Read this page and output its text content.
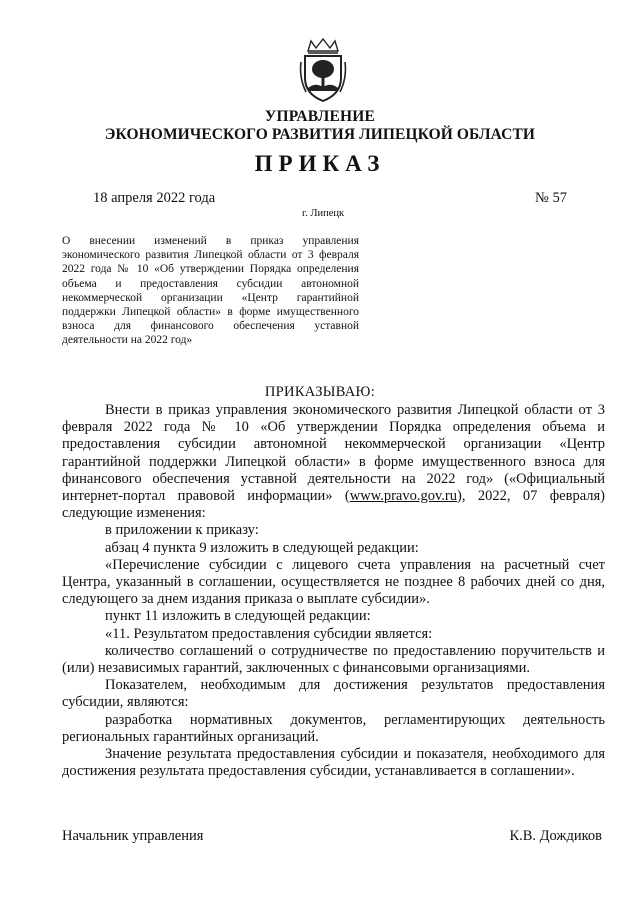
УПРАВЛЕНИЕ
ЭКОНОМИЧЕСКОГО РАЗВИТИЯ ЛИПЕЦКОЙ ОБЛАСТИ
ПРИКАЗ
18 апреля 2022 года	№ 57
г. Липецк
О внесении изменений в приказ управления экономического развития Липецкой области от 3 февраля 2022 года № 10 «Об утверждении Порядка определения объема и предоставления субсидии автономной некоммерческой организации «Центр гарантийной поддержки Липецкой области» в форме имущественного взноса для финансового обеспечения уставной деятельности на 2022 год»
ПРИКАЗЫВАЮ:

Внести в приказ управления экономического развития Липецкой области от 3 февраля 2022 года № 10 «Об утверждении Порядка определения объема и предоставления субсидии автономной некоммерческой организации «Центр гарантийной поддержки Липецкой области» в форме имущественного взноса для финансового обеспечения уставной деятельности на 2022 год» («Официальный интернет-портал правовой информации» (www.pravo.gov.ru), 2022, 07 февраля) следующие изменения:

в приложении к приказу:

абзац 4 пункта 9 изложить в следующей редакции:

«Перечисление субсидии с лицевого счета управления на расчетный счет Центра, указанный в соглашении, осуществляется не позднее 8 рабочих дней со дня, следующего за днем издания приказа о выплате субсидии».

пункт 11 изложить в следующей редакции:

«11. Результатом предоставления субсидии является:

количество соглашений о сотрудничестве по предоставлению поручительств и (или) независимых гарантий, заключенных с финансовыми организациями.

Показателем, необходимым для достижения результатов предоставления субсидии, являются:

разработка нормативных документов, регламентирующих деятельность региональных гарантийных организаций.

Значение результата предоставления субсидии и показателя, необходимого для достижения результата предоставления субсидии, устанавливается в соглашении».

Начальник управления	К.В. Дождиков
